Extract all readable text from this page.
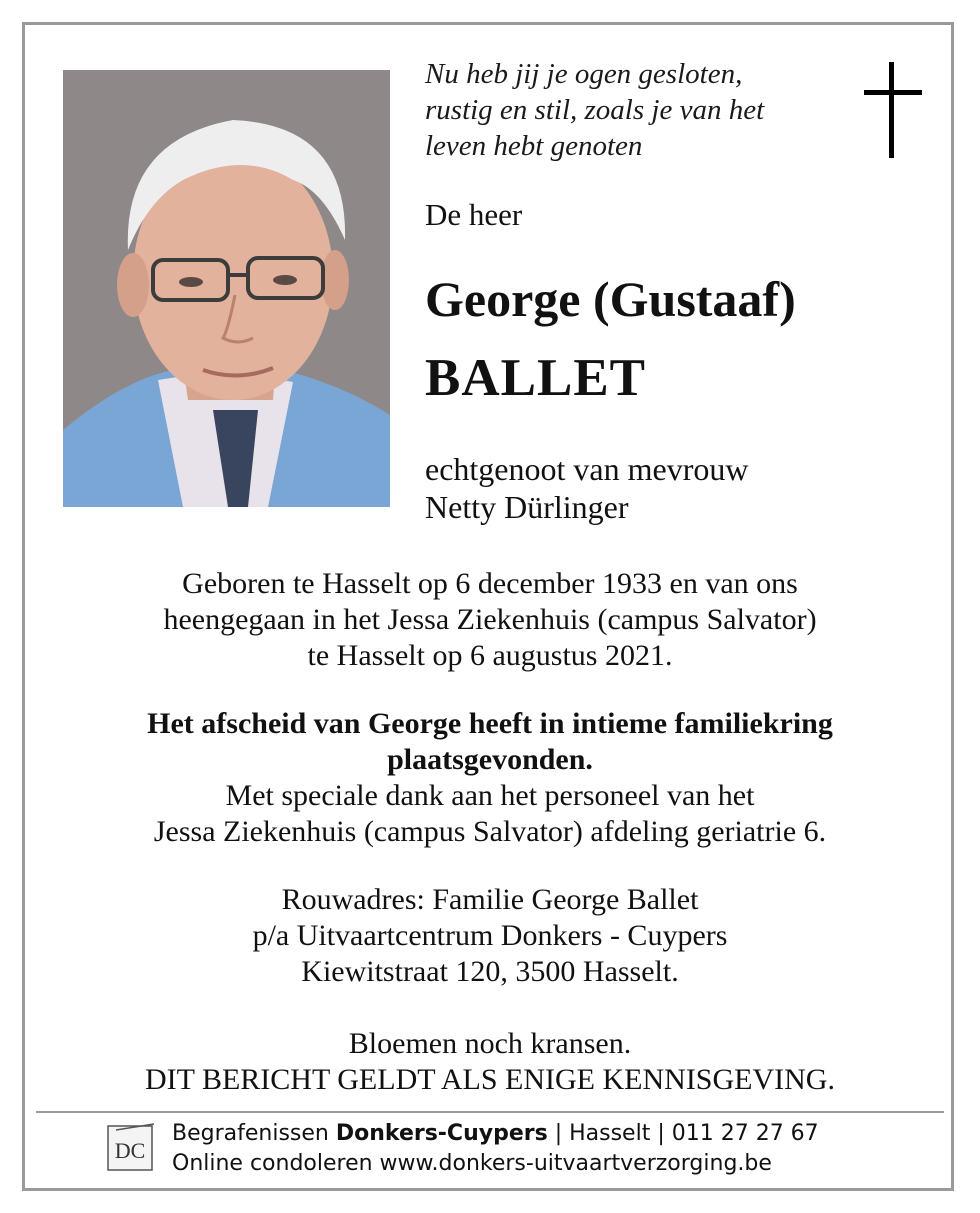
Nu heb jij je ogen gesloten,
rustig en stil, zoals je van het
leven hebt genoten
De heer
George (Gustaaf)
BALLET
echtgenoot van mevrouw
Netty Dürlinger
Geboren te Hasselt op 6 december 1933 en van ons
heengegaan in het Jessa Ziekenhuis (campus Salvator)
te Hasselt op 6 augustus 2021.
Het afscheid van George heeft in intieme familiekring
plaatsgevonden.
Met speciale dank aan het personeel van het
Jessa Ziekenhuis (campus Salvator) afdeling geriatrie 6.
Rouwadres: Familie George Ballet
p/a Uitvaartcentrum Donkers - Cuypers
Kiewitstraat 120, 3500 Hasselt.
Bloemen noch kransen.
DIT BERICHT GELDT ALS ENIGE KENNISGEVING.
DC
Begrafenissen Donkers-Cuypers | Hasselt | 011 27 27 67
Online condoleren www.donkers-uitvaartverzorging.be
